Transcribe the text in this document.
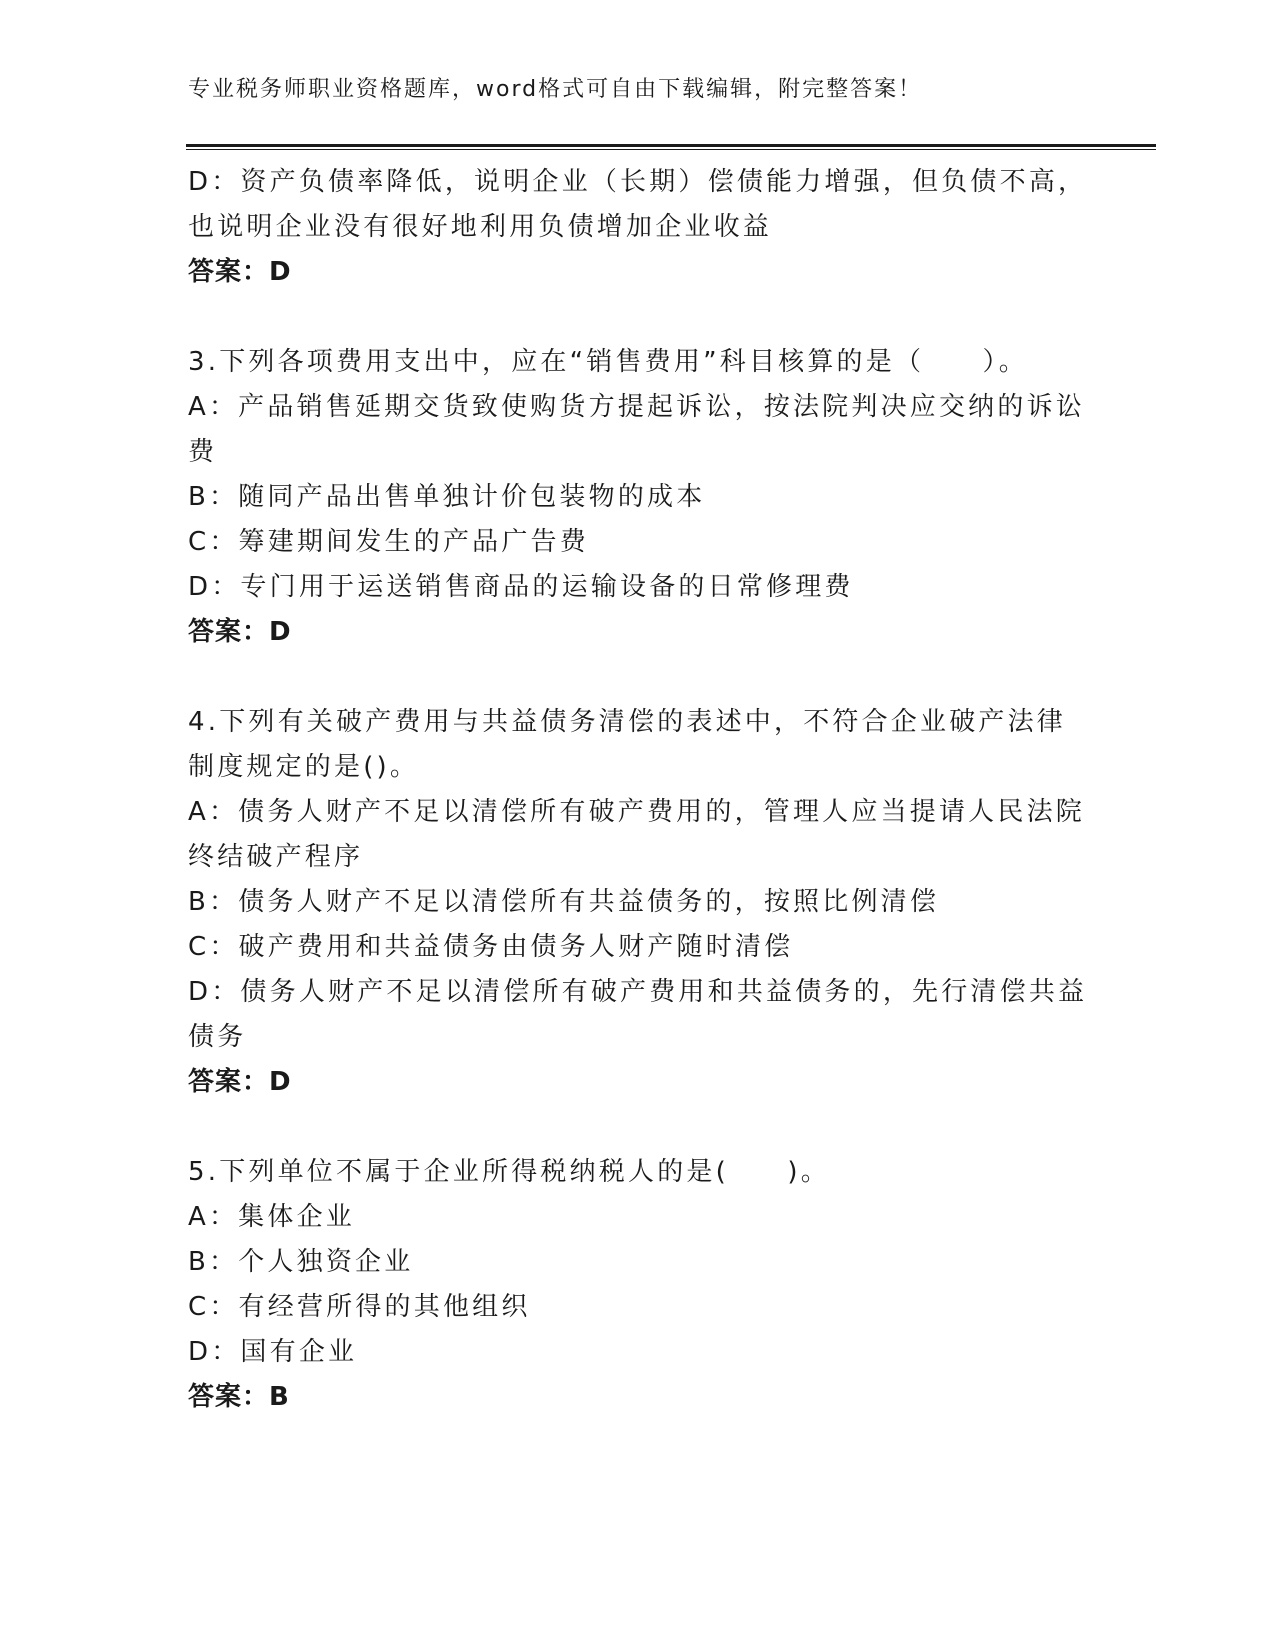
专业税务师职业资格题库，word格式可自由下载编辑，附完整答案！
D：资产负债率降低，说明企业（长期）偿债能力增强，但负债不高，
也说明企业没有很好地利用负债增加企业收益
答案：D
3.下列各项费用支出中，应在“销售费用”科目核算的是（　　）。
A：产品销售延期交货致使购货方提起诉讼，按法院判决应交纳的诉讼
费
B：随同产品出售单独计价包装物的成本
C：筹建期间发生的产品广告费
D：专门用于运送销售商品的运输设备的日常修理费
答案：D
4.下列有关破产费用与共益债务清偿的表述中，不符合企业破产法律
制度规定的是()。
A：债务人财产不足以清偿所有破产费用的，管理人应当提请人民法院
终结破产程序
B：债务人财产不足以清偿所有共益债务的，按照比例清偿
C：破产费用和共益债务由债务人财产随时清偿
D：债务人财产不足以清偿所有破产费用和共益债务的，先行清偿共益
债务
答案：D
5.下列单位不属于企业所得税纳税人的是(　　)。
A：集体企业
B：个人独资企业
C：有经营所得的其他组织
D：国有企业
答案：B
